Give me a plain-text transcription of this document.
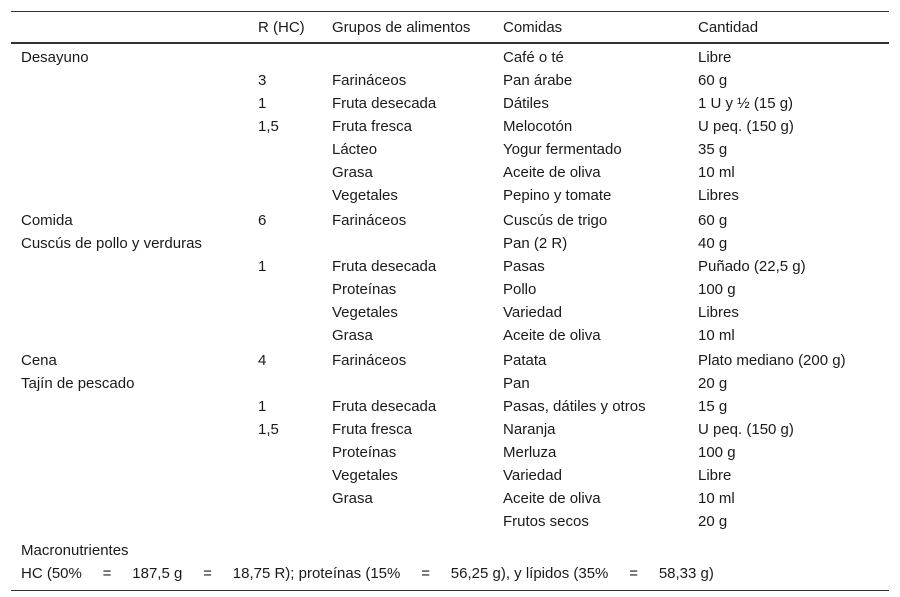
	R (HC)	Grupos de alimentos	Comidas	Cantidad
Desayuno			Café o té	Libre
	3	Farináceos	Pan árabe	60 g
	1	Fruta desecada	Dátiles	1 U y ½ (15 g)
	1,5	Fruta fresca	Melocotón	U peq. (150 g)
		Lácteo	Yogur fermentado	35 g
		Grasa	Aceite de oliva	10 ml
		Vegetales	Pepino y tomate	Libres
Comida	6	Farináceos	Cuscús de trigo	60 g
Cuscús de pollo y verduras			Pan (2 R)	40 g
	1	Fruta desecada	Pasas	Puñado (22,5 g)
		Proteínas	Pollo	100 g
		Vegetales	Variedad	Libres
		Grasa	Aceite de oliva	10 ml
Cena	4	Farináceos	Patata	Plato mediano (200 g)
Tajín de pescado			Pan	20 g
	1	Fruta desecada	Pasas, dátiles y otros	15 g
	1,5	Fruta fresca	Naranja	U peq. (150 g)
		Proteínas	Merluza	100 g
		Vegetales	Variedad	Libre
		Grasa	Aceite de oliva	10 ml
			Frutos secos	20 g
Macronutrientes
HC (50%     =     187,5 g     =     18,75 R); proteínas (15%     =     56,25 g), y lípidos (35%     =     58,33 g)
